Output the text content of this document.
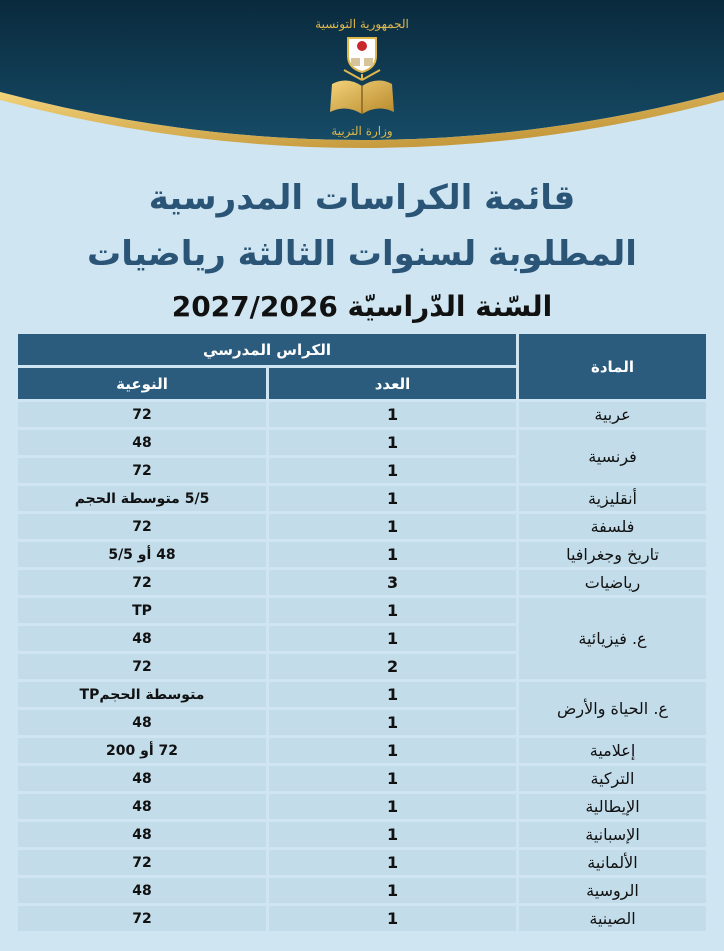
الجمهورية التونسية
وزارة التربية
قائمة الكراسات المدرسية
المطلوبة لسنوات الثالثة رياضيات
السّنة الدّراسيّة 2027/2026
الكراس المدرسي
المادة
النوعية	العدد
عربية
1
72
فرنسية
1
48
1
72
أنقليزية
1
5/5 متوسطة الحجم
فلسفة
1
72
تاريخ وجغرافيا
1
48 أو 5/5
رياضيات
3
72
ع. فيزيائية
1
TP
1
48
2
72
ع. الحياة والأرض
1
متوسطة الحجمTP
1
48
إعلامية
1
72 أو 200
التركية
1
48
الإيطالية
1
48
الإسبانية
1
48
الألمانية
1
72
الروسية
1
48
الصينية
1
72
